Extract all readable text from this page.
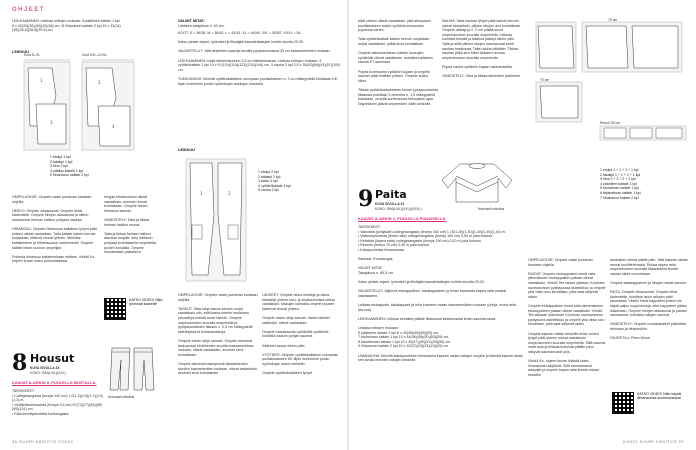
OHJEET

LEIKKAAMINEN: Leikkaa mittojen mukaan: A päällinen kaitale 1 kpl 6 x 30(33)(35)(39)(42)(46) cm. B hihansuun kaitale 2 kpl 15 x 33(34)(35)(36,5)(38,5)(39,5) cm.

LEIKKUU
1
3
2
4
Koot S–XL	Koot XXL–XXXL
1 etukpl 1 kpl
2 takakpl 1 kpl
3 hiha 2 kpl
4 päällys kaitale 1 kpl
5 hihansuun kaitale 2 kpl
OMPELUOHJE: Ompele vaate jousteran kankaan ohjeilla.

HEKKO: Ompele olkasaumat. Ompele hihat kädentielle. Ompele hihojen alasaumat ja nielun sivusaumat helman halkion pohjaan saakka.

HIHANSUU: Ompele hihansuun kaitaleen lyhyet päät yhteen oikeat vastakkain. Taita kaitale kaksin kerroin nurjakkain; käännä reunat yhteen. Merkitse kaitaleeseen ja hiihansuuhun vastinmerkit. Ompele kaitale hihan suuhun ompelijan.

Poimuta hihansuu kaitaleenkaan mittaan. Viekki! Ks. ohjeen kuvan video poimutuksesta.
rengas hihansuuhun oikeat vastakkain, avoimet reunat kohdakkain. Ompele toinen hihansuu samoin.

VIIMEISTELY: Taita ja tikkaa helman halkion reunat.

Taita ja tikkaa helman halkion alavarat nurjalle, sirry halkioon pohjissa poikittaisella ompeleella puolen kohdalla. Ompele reunakaitale paikalleen.
KATSO VIDEO! Näin poimutat kaarelle!
8 Housut
KUVA SIVULLA 33
KOKO: S/M(L/XL)(XXL)
Normaali mitoitus
KAAVAT A-ARKIN 8, PUOLELLA MUSTALLA.
TARVIKKEET:
• Collegekangasta (leveys 140 cm) 1,0(1,2)(1,5)(1,7)(2,0)(2,3) m.
• Vyötärökuminauhaa (leveys 3,5 cm) 67(72)(77)(83)(89)(95)(101) cm.
• Pala kiinnitystuotetta tukikangasta.
VALMIT MITAT:
Lahkeen sisäpituus n. 63 cm.
KOOT: S = 36/38, M = 38/40, L = 42/44, XL = 46/48, XXL = 50/52, XXXL = 54.

Katso yleiset ohjeet, lyhenteet ja fiiistäjää kaavaleikattujen kohtiin sivulta 29-30.

VALMISTELUT: Jätä lahkeiden kaavoja sivuilla pystysuunnassa 35 cm kaavankeleiden mukaan.

LEIKKAAMINEN: Lisää lahkeensuuhun 3,5 cm käänteisvaraa. Leikkaa mittojen mukaan: 4 vyötärökaitale 1 kpl 10 x 97(104)(110)(123)(134)(140) cm. 5 nauha 2 kpl 3,5 x 78(83)(84)(91)(97)(100) cm.

TUKIKANGAS: Kiinnitä vyötärökaitaleen ulompaan puoliskkaseen n. 3 cm etäisyydellä toisistaan KE-tiipin molemmin puolin nyörinkujan aukkojen kohdalla.
LEIKKUU
1	2
1 etukpl 2 kpl
2 takakpl 2 kpl
3 tasku 4 kpl
4 vyötärökaitale 1 kpl
5 nauha 2 kpl
OMPELUOHJE: Ompele vaate jousteran kankaan ohjeilla.

TASKUT: Taita lahje kaksin kerroin nurjat vastakkain niin, että kaava-merkin mukainen pituuslinja edestä avoin tarkoin. Ompele ompelukoneen suoralla ompeleella ja pystysuuntaisten tikkaus n. 0,5 cm etäisyydellä taitelinjasta et kohtausnastoja.

Ompele toinen lahje samoin. Ompele etummat taskupussit etuläheiden sivuihin kaavamerkkien mukaan, oikeat vastakkain, avoimet sivut kohdakkain.

Ompele taemmat taskupussit takalahkeiden sivuihin kaavamerkien mukaan, oikeat vastakkain, avoimet sivut kohdakkain.
LAHKEET: Ompele oikea etulahje ja oikea takalahje yhteen sivu- ja sisäsaumoista oikeat vastakkain, taskujen kohdalla ompele puusen kaarevat reunat yhteen.

Ompele vasen lahje samoin. Aseta lahkeet sisäkkäin, oikeat vastakkain.

Ompele haarasauma vyötäröltä vyötärölle, kohdista haaran pohjan saumat.

Käännä housut oikein päin.

VYÖTÄRÖ: Ompele vyötärökaitaleen ulompaan puoliskkaaseen KE-tiipin molemmin puolin nyörinkujan aukot merkkiin.

Ompele vyötärökaitaleen lyhyet
36 SUURI KÄSITYÖ 2/2022
päät yhteen oikeat vastakkain, jätä alempiaan puoliskkaseen aukko vyötärökuminauhan pujotusta varten.

Taita vyötärökaitale kaksin kerroin nurjakkain, nurjat vastakkain, pitkät sivut kohdakkain.

Ompele kaksinkertainen kaitale housujen vyötärölle oikeat vastakkain, kohdista kaitaleen sauma KT-saumaan.

Pujota kuminauha vyötärön kujaan ja ompele nauhan päät limittäin yhteen. Ompele aukko kiinni.

Tikkaa vyötärökaitaleeseen kolme pystysuuntaista tikkausta poikittain 3 ommelta n. 1,5 etäisyydellä toisistaan, venyttä kuminauhaa tikkauksen ajan. Nayrinläveri jäävät ompeleiden väliin keskelle.
NAUHA: Taita nauhan lyhyet päät kaksin kerroin oikeat vastakkain, pitkien sivujen alut kohdakkain. Ompele päädyt ja n. 2 cm pitkää sivua ompelukoneen suoralla ompeleella. Leikkaa kulmista kiinnitä ja käännä päädyt oikein päin. Taita ja silitä pitkien sivujen saumavarat kohti nauhan keskiosaa. Taita nauha pitkittäin. Tikkaa nauhan pitkä sivu kiinni tikkaten reunaa ompelukoneen suoralla ompeleella.

Pujota nauha vyötärön kujaan nauhanastilla.

VIIMEISTELY: Taita ja tikkaa lahkeiden päärmeet.
9 Paita
KUVA SIVULLA 31
KOKO: S/M(L/XL)(XXL)(XXXL)	Normaali mitoitus
KAAVAT A-ARKIN 2, PUOLELLA PUNAISELLA.
TARVIKKEET:
• Valkoista (pohjaväri) collegekangasta (leveys 160 cm) 1,15(1,25)(1,40)(1,40)(1,40)(1,40) m.
• Vaaleanpunaista (leveä raita) collegekangasta (leveys 160 cm) 0,50 m joka kokoon.
• Keltaista (kapea raita) collegekangasta (leveys 160 cm) 0,20 m joka kokoon.
• Resoria (leveys 70 cm) 0,40 m joka kokoon.
• Kaksipuoleista liimanauhaa.

Kankaat: Eurokangas.

VALMIT MITAT:
Takapituus n. 65,5 cm.

Katso yleiset ohjeet, lyhenteet ja fiiistäjää kaavaleikattujen kohtiin sivuilta 29-30.

VALMISTELUT: Jäljennä etukappaleen, takakappaleen ja hihan kaavoista kapea raita omaksi kaavakseen.

Leikkaa etukappale, takakappale ja hiha kolmeen osaan kaavamerkkien mukaan (pohja, leveä raita, ala-osa).

LEIKKAAMINEN: Leikkaa kehaiset pääille tikatuksiat lahkiseraidat ilman saumanvaraa.

Leikkaa mittojen mukaan:
6 päänteen kaitale 1 kpl 6 x 43(45)(48)(50)(53) cm.
7 etuhelman kaitale 1 kpl 10 x 44(46)(48)(50)(53)(55) cm.
8 takahelman kaitale 1 kpl 10 x 45(47)(49)(51)(53)(55) cm.
9 hihansuun kaitale 2 kpl 10 x 22(22)(23)(24)(24)(25) cm.

LIMANAUHA: Kiinnitä kaksipuoleinen liimanauha kapean raidan palojen nurjalle ja kiinnitä kapeat raidat sen avulla leveiden raitojen keskelle.
70 cm
70 cm
Resori 35 cm
1 etukpl 1 + 1 + 1 + 1 kpl
2 takakpl 1 + 1 + 1 + 1 kpl
3 hiha 2 + 2 + 2 + 2 kpl
4 päänteen kaitale 1 kpl
5 etuhelman kaitale 1 kpl
6 takahelman kaitale 1 kpl
7 hihansuun kaitale 2 kpl
OMPELUOHJE: Ompele vaate jousteran kankaan ohjeilla.

RAIDAT: Ompele etukappaleen leveä raita ylimmäiseen etukappaleen palaan oikeat vastakkain. Vinkki! Tee raidan yläosan V-kulman saumanvaran pystysuoraa asiellekkuu ja ompele yksi viisto sivu kerrallaan, jotta saat kärjestä siistin.

Ompele etukappaleen leveä raita alemmaiseen etukappaleen palaan oikeat vastakkain. Vinkki! Tee alaosan ylänurkan V-kulman saumanvaran pystysuora asiellekkuu ja ompele yksi viisto sivu kerrallaan, jotta saat kärjestä siistin.

Ompele kapean raidan keskelle ensin toinen lyhyet päät yhteen oikeat vastakkain ompelukoneen suoralla ompeleella. Siltä saumat varat auki ja leikkaa kulmista pääille pieni näkyvät saumanvarat pois.

Vinkki! Ks. ohjeen kuvan linkistä video limanauhan käytöstä. Siltä saumanvarat alaspäin ja ompele kapea raita leveän raidan keskelle
kankaiden oikeat päälle päin. Jätä kapean raidan reunat huolittelematta. Tikkaa kapea raita ompelukoneen suoralla tikkauksella leveän raitaan kiinni reunoistaan.

Ompele takakappaleen ja hihojen raidat samoin.

PAITA: Ompele olkasaumat. Ompele hihat kädentielle, kohdista hyvin raitojen pääl saumassa. Vinkki! Harsi kappaleet yhteen tai käytä paljon nuppineuloja, ettei kappaleet pääse liukumaan. Ompele hihojen alasaumat ja paidan sivusaumat, kohdista raitojen saumat.

VIIMEISTELY: Ompele reunakaitaleet pääntielle, helmaan ja hihansuihin.

OHJEET/Ls: Petra Wuori
KATSO VIDEO! Näin käytät liimanauhaa suoristuksissa!
2/2022 SUURI KÄSITYÖ 37
